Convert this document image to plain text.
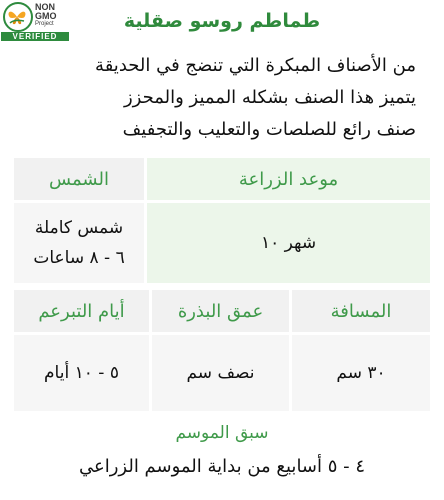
NON
GMO
Project
VERIFIED
طماطم روسو صقلية
من الأصناف المبكرة التي تنضج في الحديقة
يتميز هذا الصنف بشكله المميز والمحزز
صنف رائع للصلصات والتعليب والتجفيف
موعد الزراعة
الشمس
شهر ١٠
شمس كاملة
٦ - ٨ ساعات
المسافة
عمق البذرة
أيام التبرعم
٣٠ سم
نصف سم
٥ - ١٠ أيام
سبق الموسم
٤ - ٥ أسابيع من بداية الموسم الزراعي
